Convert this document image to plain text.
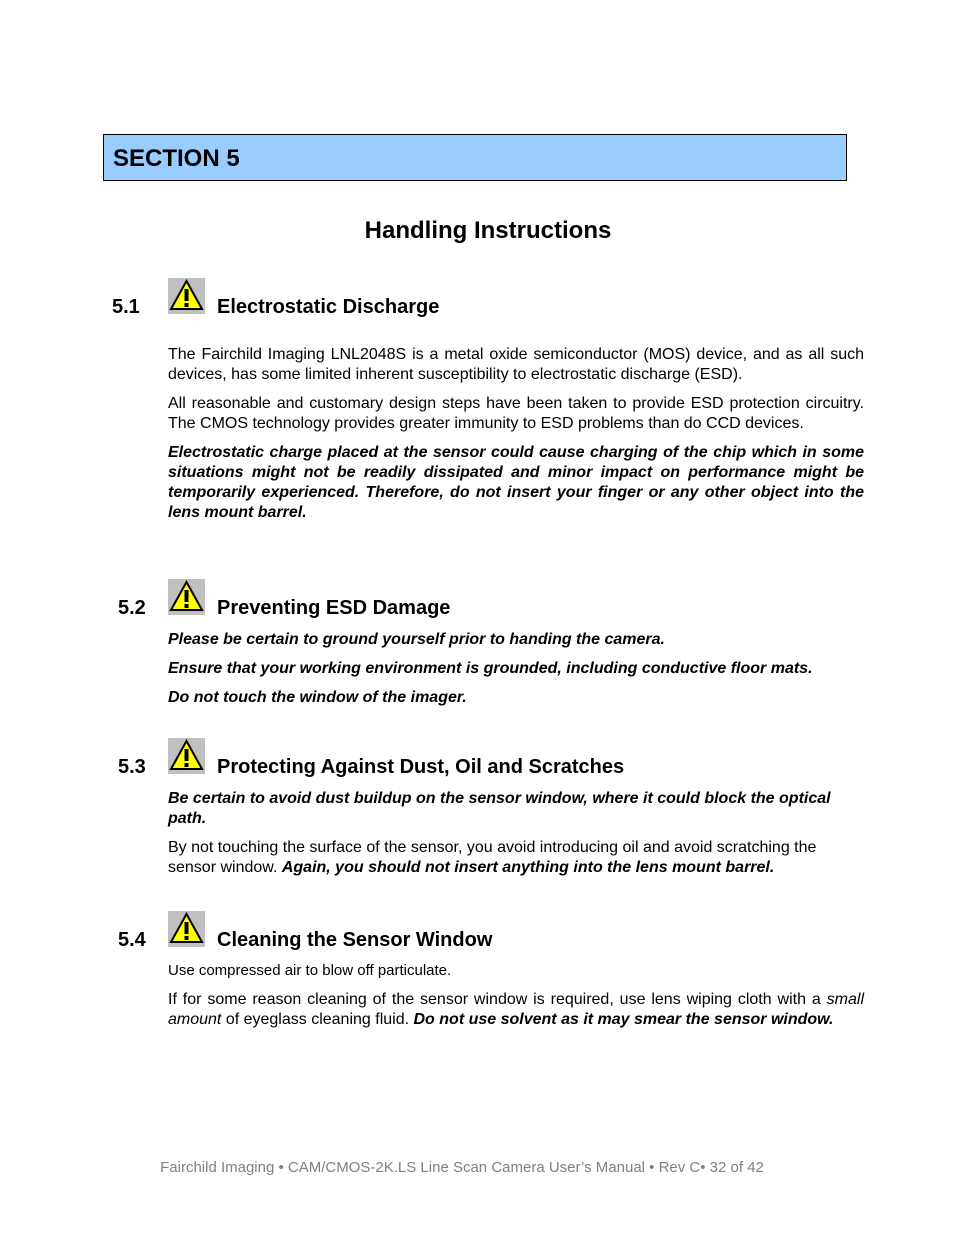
SECTION 5
Handling Instructions
5.1	Electrostatic Discharge

The Fairchild Imaging LNL2048S is a metal oxide semiconductor (MOS) device, and as all such devices, has some limited inherent susceptibility to electrostatic discharge (ESD).

All reasonable and customary design steps have been taken to provide ESD protection circuitry. The CMOS technology provides greater immunity to ESD problems than do CCD devices.

Electrostatic charge placed at the sensor could cause charging of the chip which in some situations might not be readily dissipated and minor impact on performance might be temporarily experienced. Therefore, do not insert your finger or any other object into the lens mount barrel.

5.2	Preventing ESD Damage

Please be certain to ground yourself prior to handing the camera.

Ensure that your working environment is grounded, including conductive floor mats.

Do not touch the window of the imager.

5.3	Protecting Against Dust, Oil and Scratches

Be certain to avoid dust buildup on the sensor window, where it could block the optical path.

By not touching the surface of the sensor, you avoid introducing oil and avoid scratching the sensor window. Again, you should not insert anything into the lens mount barrel.

5.4	Cleaning the Sensor Window

Use compressed air to blow off particulate.

If for some reason cleaning of the sensor window is required, use lens wiping cloth with a small amount of eyeglass cleaning fluid. Do not use solvent as it may smear the sensor window.

Fairchild Imaging • CAM/CMOS-2K.LS Line Scan Camera User’s Manual • Rev C• 32 of 42
